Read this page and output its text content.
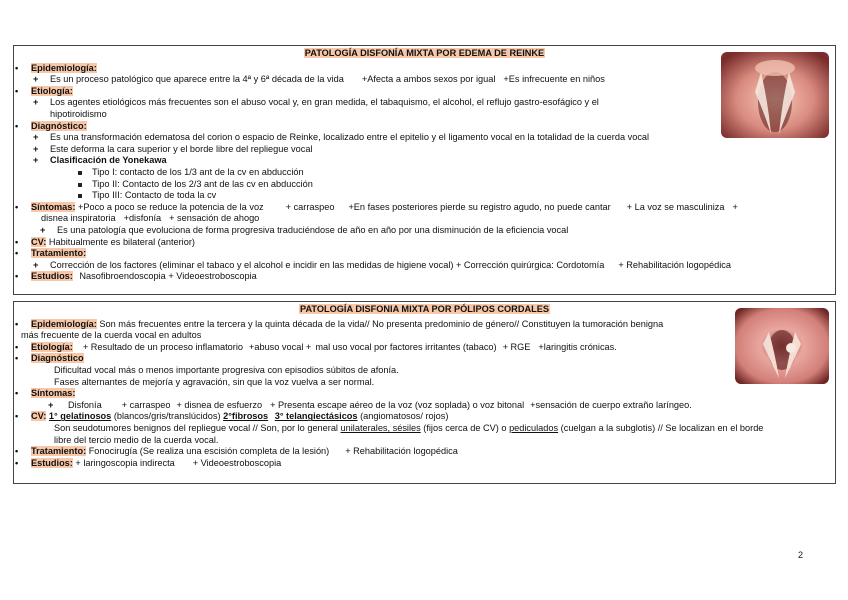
PATOLOGÍA DISFONÍA MIXTA POR EDEMA DE REINKE
• Epidemiología:
+ Es un proceso patológico que aparece entre la 4ª y 6ª década de la vida +Afecta a ambos sexos por igual +Es infrecuente en niños
• Etiología:
+ Los agentes etiológicos más frecuentes son el abuso vocal y, en gran medida, el tabaquismo, el alcohol, el reflujo gastro-esofágico y el
hipotiroidismo
• Diagnóstico:
+ Es una transformación edematosa del corion o espacio de Reinke, localizado entre el epitelio y el ligamento vocal en la totalidad de la cuerda vocal
+ Este deforma la cara superior y el borde libre del repliegue vocal
+ Clasificación de Yonekawa
Tipo I: contacto de los 1/3 ant de la cv en abducción
Tipo II: Contacto de los 2/3 ant de las cv en abducción
Tipo III: Contacto de toda la cv
• Síntomas: +Poco a poco se reduce la potencia de la voz + carraspeo +En fases posteriores pierde su registro agudo, no puede cantar + La voz se masculiniza +
disnea inspiratoria +disfonía + sensación de ahogo
+ Es una patología que evoluciona de forma progresiva traduciéndose de año en año por una disminución de la eficiencia vocal
• CV: Habitualmente es bilateral (anterior)
• Tratamiento:
+ Corrección de los factores (eliminar el tabaco y el alcohol e incidir en las medidas de higiene vocal) + Corrección quirúrgica: Cordotomía + Rehabilitación logopédica
• Estudios: Nasofibroendoscopia + Videoestroboscopia
PATOLOGÍA DISFONIA MIXTA POR PÓLIPOS CORDALES
• Epidemiología: Son más frecuentes entre la tercera y la quinta década de la vida// No presenta predominio de género// Constituyen la tumoración benigna
más frecuente de la cuerda vocal en adultos
• Etiología: + Resultado de un proceso inflamatorio +abuso vocal + mal uso vocal por factores irritantes (tabaco) + RGE +laringitis crónicas.
• Diagnóstico
Dificultad vocal más o menos importante progresiva con episodios súbitos de afonía.
Fases alternantes de mejoría y agravación, sin que la voz vuelva a ser normal.
• Síntomas:
+ Disfonía + carraspeo + disnea de esfuerzo + Presenta escape aéreo de la voz (voz soplada) o voz bitonal +sensación de cuerpo extraño laríngeo.
• CV: 1° gelatinosos (blancos/gris/translúcidos) 2°fibrosos 3° telangiectásicos (angiomatosos/ rojos)
Son seudotumores benignos del repliegue vocal // Son, por lo general unilaterales, sésiles (fijos cerca de CV) o pediculados (cuelgan a la subglotis) // Se localizan en el borde
libre del tercio medio de la cuerda vocal.
• Tratamiento: Fonocirugía (Se realiza una escisión completa de la lesión) + Rehabilitación logopédica
• Estudios: + laringoscopia indirecta + Videoestroboscopia
2
